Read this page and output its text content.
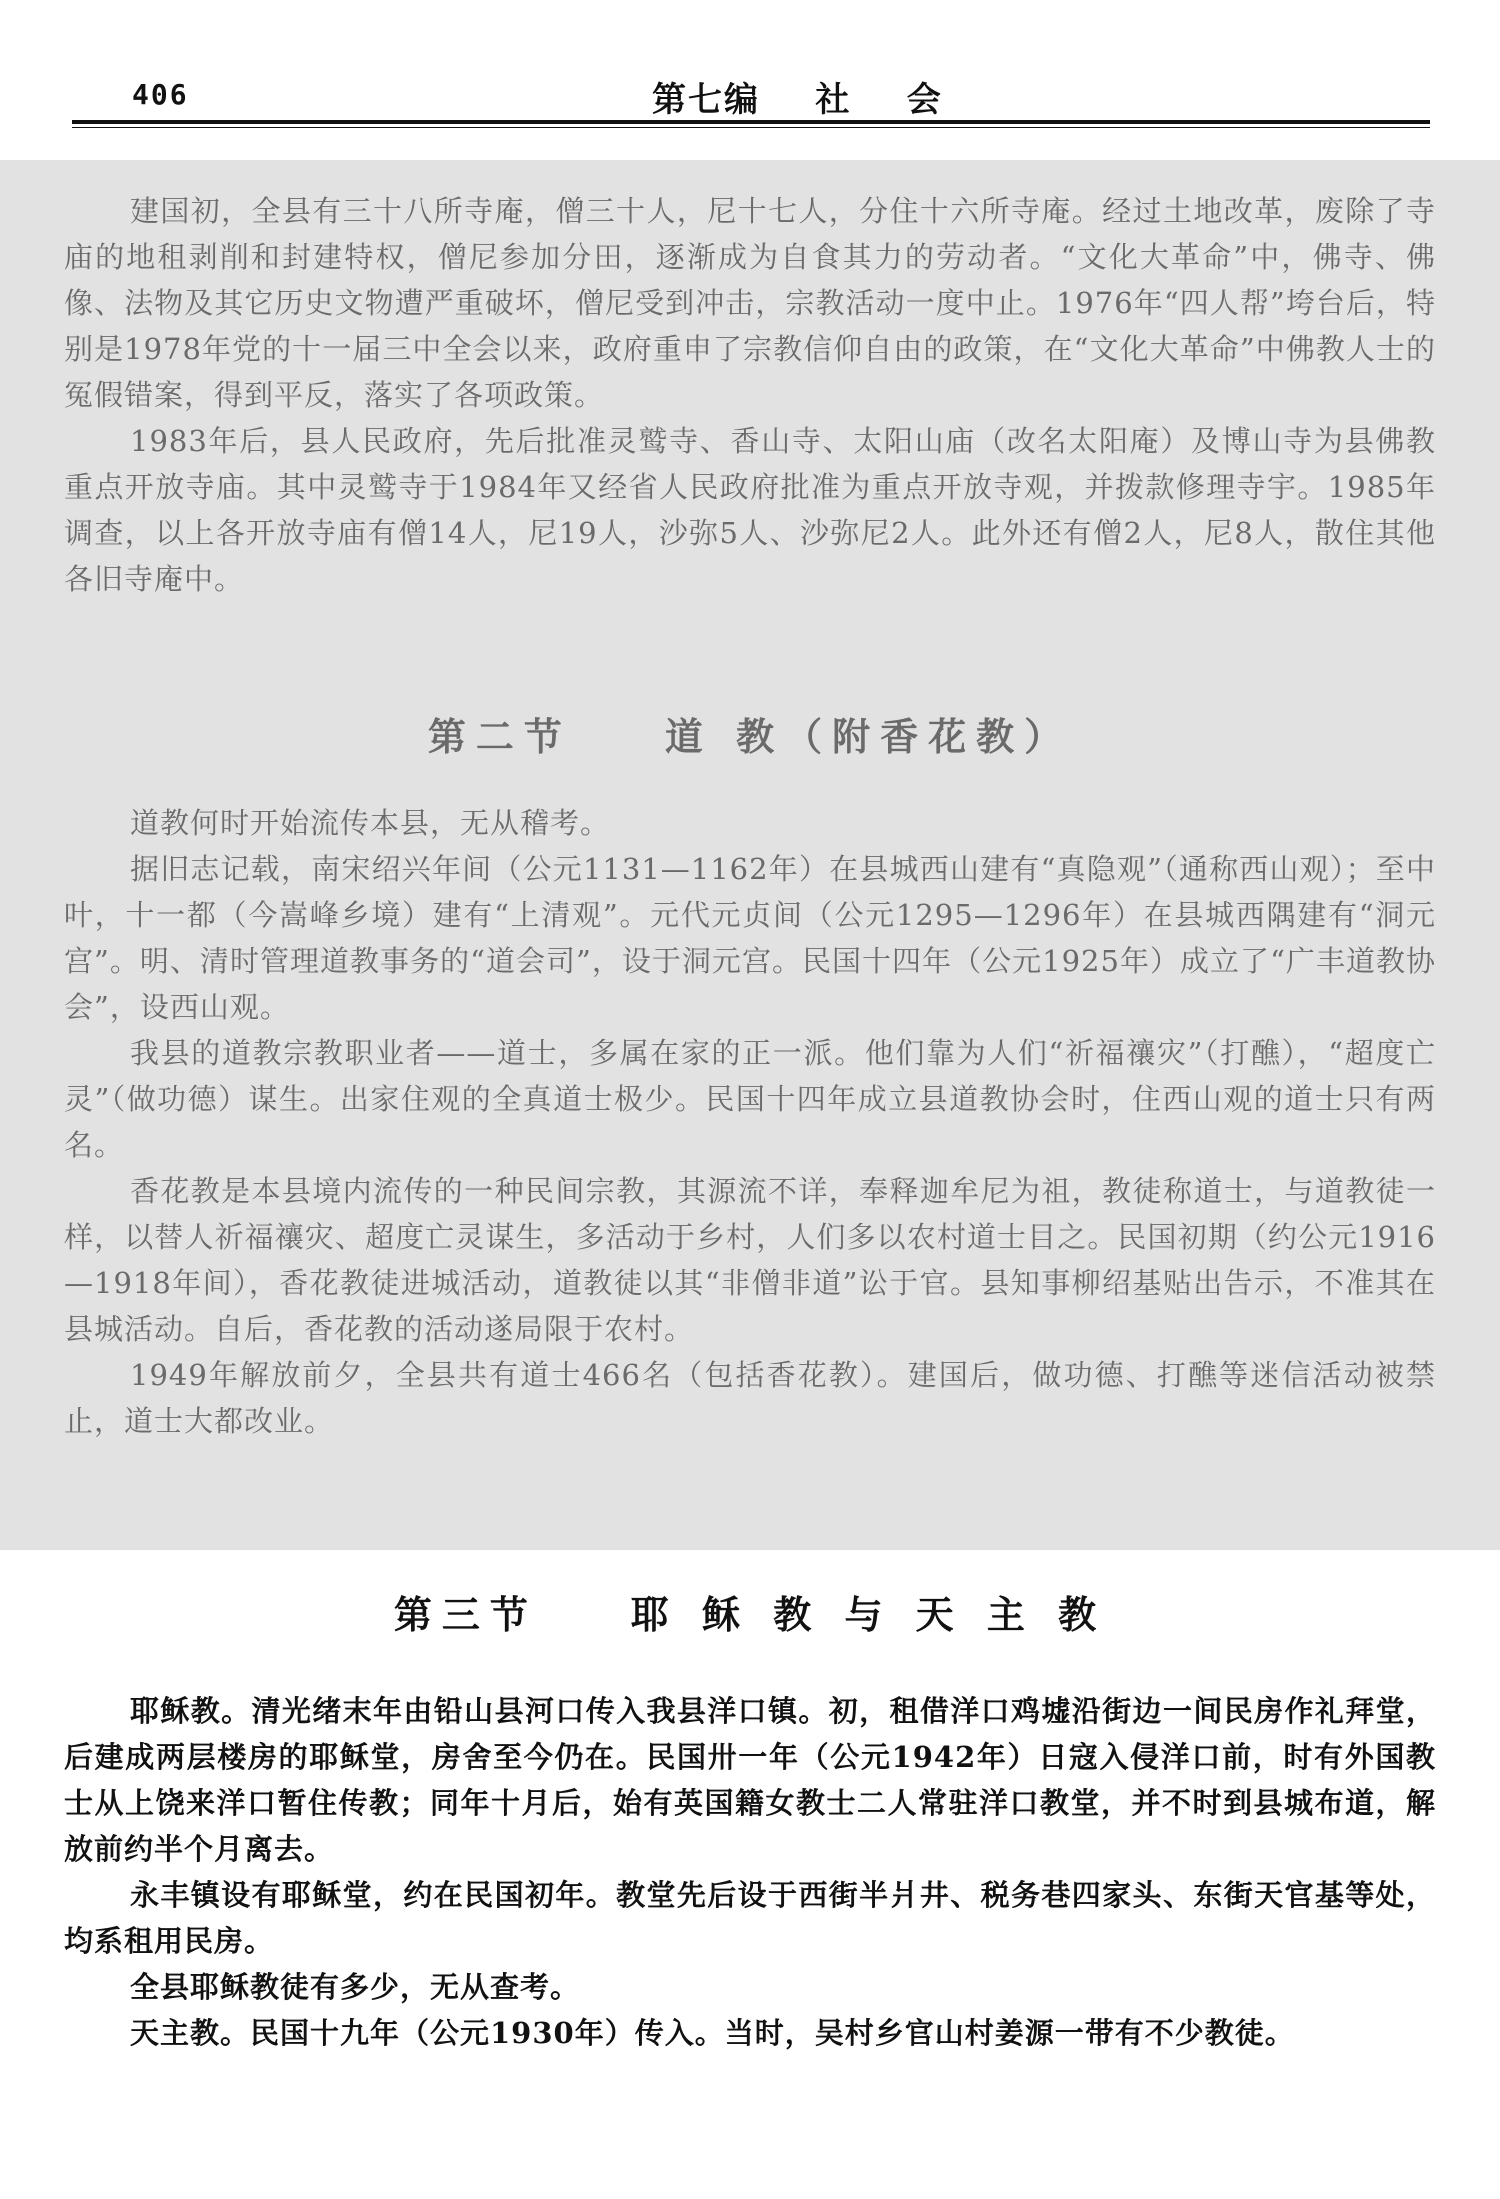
406	第七编    社    会

建国初，全县有三十八所寺庵，僧三十人，尼十七人，分住十六所寺庵。经过土地改革，废除了寺庙的地租剥削和封建特权，僧尼参加分田，逐渐成为自食其力的劳动者。“文化大革命”中，佛寺、佛像、法物及其它历史文物遭严重破坏，僧尼受到冲击，宗教活动一度中止。1976年“四人帮”垮台后，特别是1978年党的十一届三中全会以来，政府重申了宗教信仰自由的政策，在“文化大革命”中佛教人士的冤假错案，得到平反，落实了各项政策。

1983年后，县人民政府，先后批准灵鹫寺、香山寺、太阳山庙（改名太阳庵）及博山寺为县佛教重点开放寺庙。其中灵鹫寺于1984年又经省人民政府批准为重点开放寺观，并拨款修理寺宇。1985年调查，以上各开放寺庙有僧14人，尼19人，沙弥5人、沙弥尼2人。此外还有僧2人，尼8人，散住其他各旧寺庵中。

第二节    道 教（附香花教）

道教何时开始流传本县，无从稽考。

据旧志记载，南宋绍兴年间（公元1131—1162年）在县城西山建有“真隐观”（通称西山观）；至中叶，十一都（今嵩峰乡境）建有“上清观”。元代元贞间（公元1295—1296年）在县城西隅建有“洞元宫”。明、清时管理道教事务的“道会司”，设于洞元宫。民国十四年（公元1925年）成立了“广丰道教协会”，设西山观。

我县的道教宗教职业者——道士，多属在家的正一派。他们靠为人们“祈福禳灾”（打醮），“超度亡灵”（做功德）谋生。出家住观的全真道士极少。民国十四年成立县道教协会时，住西山观的道士只有两名。

香花教是本县境内流传的一种民间宗教，其源流不详，奉释迦牟尼为祖，教徒称道士，与道教徒一样，以替人祈福禳灾、超度亡灵谋生，多活动于乡村，人们多以农村道士目之。民国初期（约公元1916—1918年间），香花教徒进城活动，道教徒以其“非僧非道”讼于官。县知事柳绍基贴出告示，不准其在县城活动。自后，香花教的活动遂局限于农村。

1949年解放前夕，全县共有道士466名（包括香花教）。建国后，做功德、打醮等迷信活动被禁止，道士大都改业。

第三节    耶 稣 教 与 天 主 教

耶稣教。清光绪末年由铅山县河口传入我县洋口镇。初，租借洋口鸡墟沿街边一间民房作礼拜堂，后建成两层楼房的耶稣堂，房舍至今仍在。民国卅一年（公元1942年）日寇入侵洋口前，时有外国教士从上饶来洋口暂住传教；同年十月后，始有英国籍女教士二人常驻洋口教堂，并不时到县城布道，解放前约半个月离去。

永丰镇设有耶稣堂，约在民国初年。教堂先后设于西街半爿井、税务巷四家头、东街天官基等处，均系租用民房。

全县耶稣教徒有多少，无从查考。

天主教。民国十九年（公元1930年）传入。当时，吴村乡官山村姜源一带有不少教徒。
